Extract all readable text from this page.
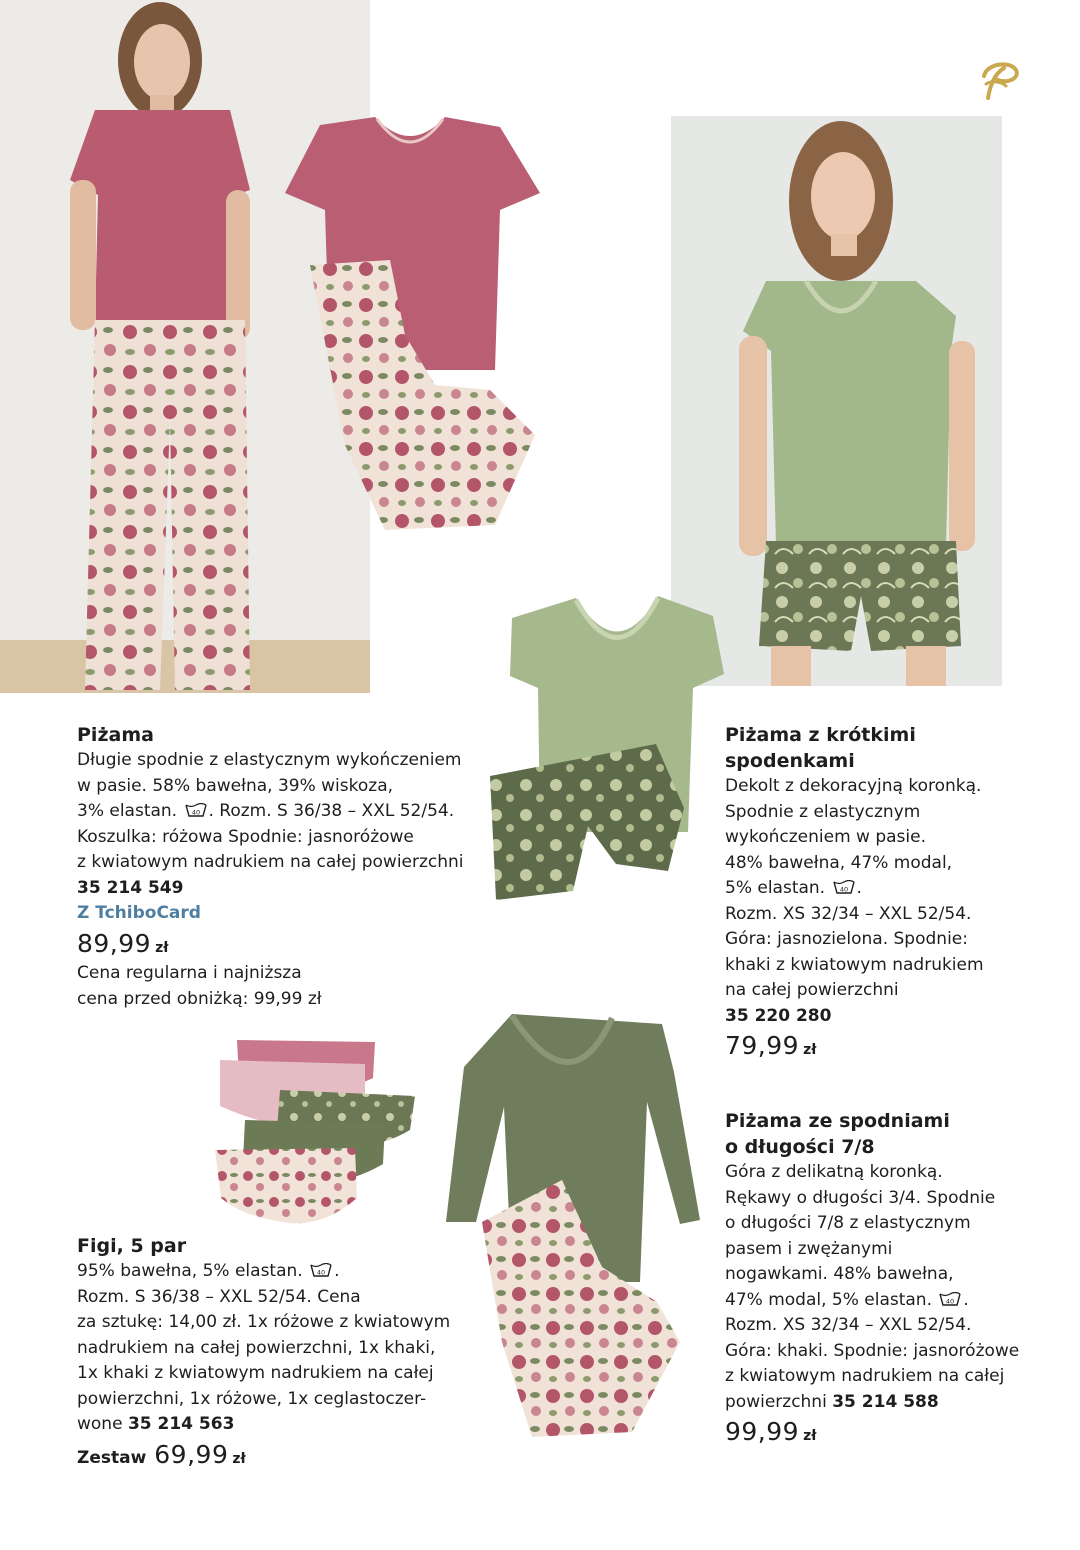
Piżama
Długie spodnie z elastycznym wykończeniem
w pasie. 58% bawełna, 39% wiskoza,
3% elastan. 40 . Rozm. S 36/38 – XXL 52/54.
Koszulka: różowa Spodnie: jasnoróżowe
z kwiatowym nadrukiem na całej powierzchni
35 214 549
Z TchiboCard
89,99 zł
Cena regularna i najniższa
cena przed obniżką: 99,99 zł
Piżama z krótkimi
spodenkami
Dekolt z dekoracyjną koronką.
Spodnie z elastycznym
wykończeniem w pasie.
48% bawełna, 47% modal,
5% elastan. 40 .
Rozm. XS 32/34 – XXL 52/54.
Góra: jasnozielona. Spodnie:
khaki z kwiatowym nadrukiem
na całej powierzchni
35 220 280
79,99 zł
Piżama ze spodniami
o długości 7/8
Góra z delikatną koronką.
Rękawy o długości 3/4. Spodnie
o długości 7/8 z elastycznym
pasem i zwężanymi
nogawkami. 48% bawełna,
47% modal, 5% elastan. 40 .
Rozm. XS 32/34 – XXL 52/54.
Góra: khaki. Spodnie: jasnoróżowe
z kwiatowym nadrukiem na całej
powierzchni 35 214 588
99,99 zł
Figi, 5 par
95% bawełna, 5% elastan. 40 .
Rozm. S 36/38 – XXL 52/54. Cena
za sztukę: 14,00 zł. 1x różowe z kwiatowym
nadrukiem na całej powierzchni, 1x khaki,
1x khaki z kwiatowym nadrukiem na całej
powierzchni, 1x różowe, 1x ceglastoczer-
wone 35 214 563
Zestaw 69,99 zł
